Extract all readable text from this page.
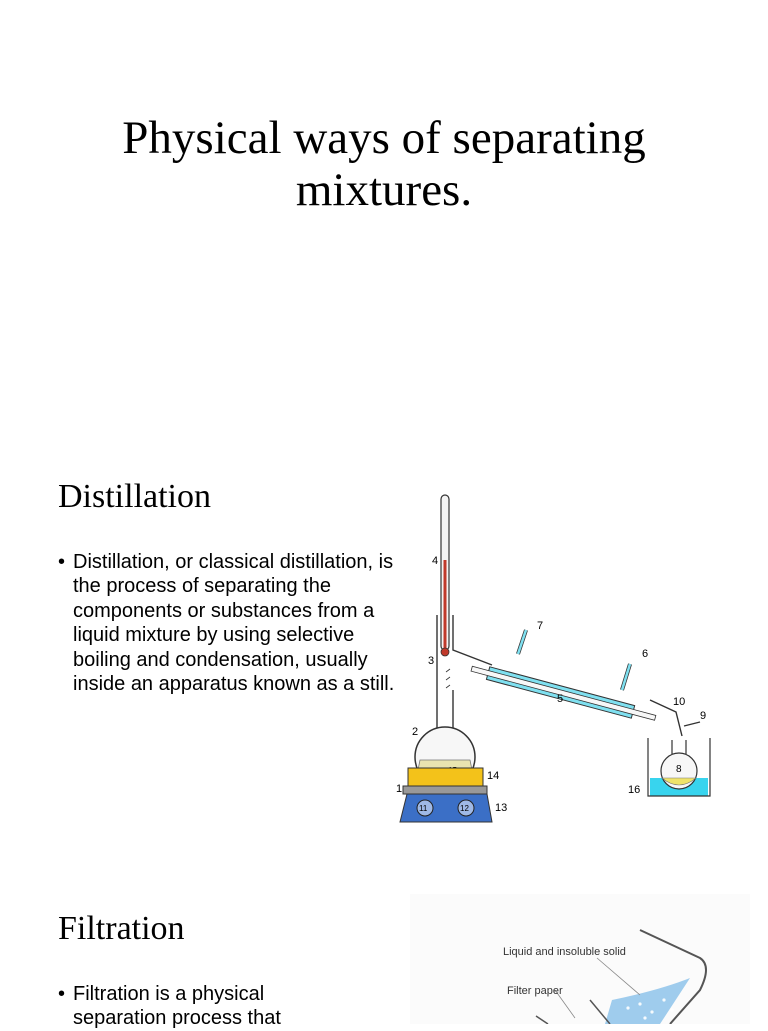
Physical ways of separating mixtures.
Distillation
• Distillation, or classical distillation, is the process of separating the components or substances from a liquid mixture by using selective boiling and condensation, usually inside an apparatus known as a still.
11	12
1
2
3
4
5
6
7
8
9
10
13
14
16
Filtration
• Filtration is a physical separation process that
Liquid and insoluble solid
Filter paper
